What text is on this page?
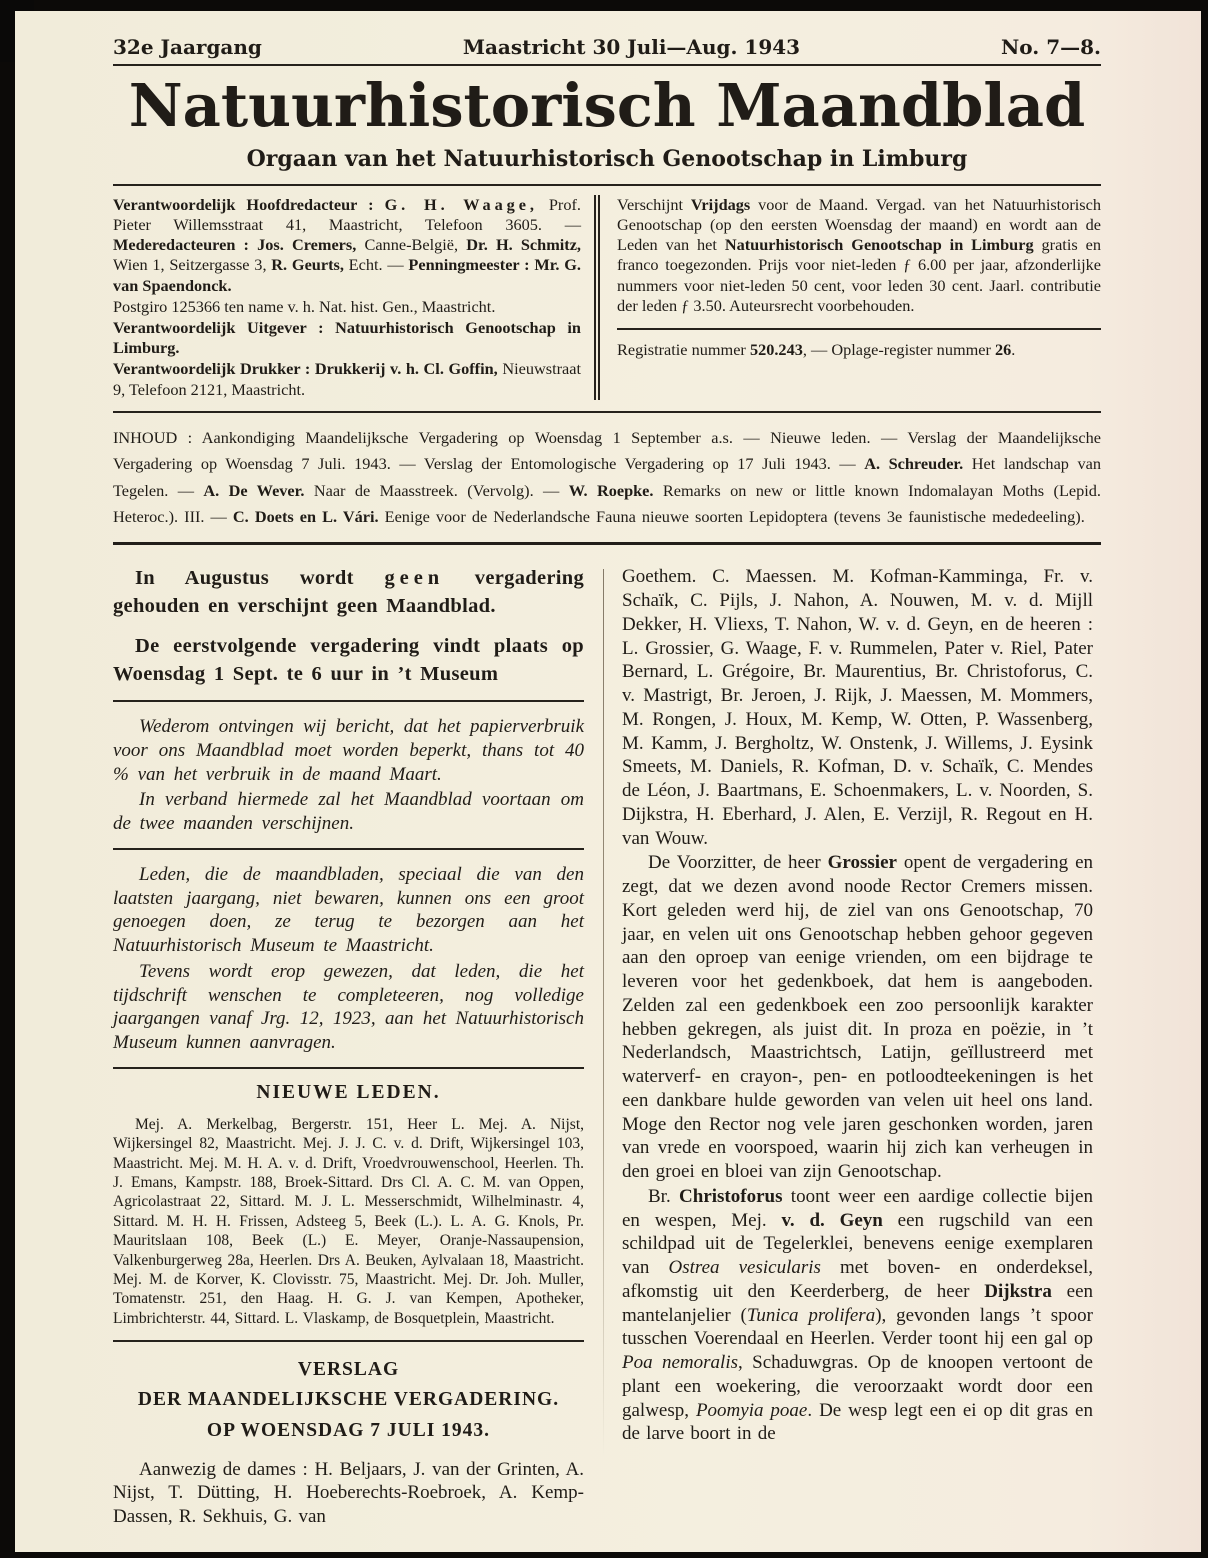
32e Jaargang	Maastricht 30 Juli—Aug. 1943	No. 7—8.
Natuurhistorisch Maandblad
Orgaan van het Natuurhistorisch Genootschap in Limburg

Verantwoordelijk Hoofdredacteur : G. H. Waage, Prof. Pieter Willemsstraat 41, Maastricht, Telefoon 3605. — Mederedacteuren : Jos. Cremers, Canne-België, Dr. H. Schmitz, Wien 1, Seitzergasse 3, R. Geurts, Echt. — Penningmeester : Mr. G. van Spaendonck.

Postgiro 125366 ten name v. h. Nat. hist. Gen., Maastricht.

Verantwoordelijk Uitgever : Natuurhistorisch Genootschap in Limburg.

Verantwoordelijk Drukker : Drukkerij v. h. Cl. Goffin, Nieuwstraat 9, Telefoon 2121, Maastricht.

Verschijnt Vrijdags voor de Maand. Vergad. van het Natuurhistorisch Genootschap (op den eersten Woensdag der maand) en wordt aan de Leden van het Natuurhistorisch Genootschap in Limburg gratis en franco toegezonden. Prijs voor niet-leden ƒ 6.00 per jaar, afzonderlijke nummers voor niet-leden 50 cent, voor leden 30 cent. Jaarl. contributie der leden ƒ 3.50. Auteursrecht voorbehouden.

Registratie nummer 520.243, — Oplage-register nummer 26.

INHOUD : Aankondiging Maandelijksche Vergadering op Woensdag 1 September a.s. — Nieuwe leden. — Verslag der Maandelijksche Vergadering op Woensdag 7 Juli. 1943. — Verslag der Entomologische Vergadering op 17 Juli 1943. — A. Schreuder. Het landschap van Tegelen. — A. De Wever. Naar de Maasstreek. (Vervolg). — W. Roepke. Remarks on new or little known Indomalayan Moths (Lepid. Heteroc.). III. — C. Doets en L. Vári. Eenige voor de Nederlandsche Fauna nieuwe soorten Lepidoptera (tevens 3e faunistische mededeeling).

In Augustus wordt geen vergadering gehouden en verschijnt geen Maandblad.

De eerstvolgende vergadering vindt plaats op Woensdag 1 Sept. te 6 uur in ’t Museum

Wederom ontvingen wij bericht, dat het papierverbruik voor ons Maandblad moet worden beperkt, thans tot 40 % van het verbruik in de maand Maart.

In verband hiermede zal het Maandblad voortaan om de twee maanden verschijnen.

Leden, die de maandbladen, speciaal die van den laatsten jaargang, niet bewaren, kunnen ons een groot genoegen doen, ze terug te bezorgen aan het Natuurhistorisch Museum te Maastricht.

Tevens wordt erop gewezen, dat leden, die het tijdschrift wenschen te completeeren, nog volledige jaargangen vanaf Jrg. 12, 1923, aan het Natuurhistorisch Museum kunnen aanvragen.

NIEUWE LEDEN.

Mej. A. Merkelbag, Bergerstr. 151, Heer L. Mej. A. Nijst, Wijkersingel 82, Maastricht. Mej. J. J. C. v. d. Drift, Wijkersingel 103, Maastricht. Mej. M. H. A. v. d. Drift, Vroedvrouwenschool, Heerlen. Th. J. Emans, Kampstr. 188, Broek-Sittard. Drs Cl. A. C. M. van Oppen, Agricolastraat 22, Sittard. M. J. L. Messerschmidt, Wilhelminastr. 4, Sittard. M. H. H. Frissen, Adsteeg 5, Beek (L.). L. A. G. Knols, Pr. Mauritslaan 108, Beek (L.) E. Meyer, Oranje-Nassaupension, Valkenburgerweg 28a, Heerlen. Drs A. Beuken, Aylvalaan 18, Maastricht. Mej. M. de Korver, K. Clovisstr. 75, Maastricht. Mej. Dr. Joh. Muller, Tomatenstr. 251, den Haag. H. G. J. van Kempen, Apotheker, Limbrichterstr. 44, Sittard. L. Vlaskamp, de Bosquetplein, Maastricht.

VERSLAG
DER MAANDELIJKSCHE VERGADERING.
OP WOENSDAG 7 JULI 1943.

Aanwezig de dames : H. Beljaars, J. van der Grinten, A. Nijst, T. Dütting, H. Hoeberechts-Roebroek, A. Kemp-Dassen, R. Sekhuis, G. van

Goethem. C. Maessen. M. Kofman-Kamminga, Fr. v. Schaïk, C. Pijls, J. Nahon, A. Nouwen, M. v. d. Mijll Dekker, H. Vliexs, T. Nahon, W. v. d. Geyn, en de heeren : L. Grossier, G. Waage, F. v. Rummelen, Pater v. Riel, Pater Bernard, L. Grégoire, Br. Maurentius, Br. Christoforus, C. v. Mastrigt, Br. Jeroen, J. Rijk, J. Maessen, M. Mommers, M. Rongen, J. Houx, M. Kemp, W. Otten, P. Wassenberg, M. Kamm, J. Bergholtz, W. Onstenk, J. Willems, J. Eysink Smeets, M. Daniels, R. Kofman, D. v. Schaïk, C. Mendes de Léon, J. Baartmans, E. Schoenmakers, L. v. Noorden, S. Dijkstra, H. Eberhard, J. Alen, E. Verzijl, R. Regout en H. van Wouw.

De Voorzitter, de heer Grossier opent de vergadering en zegt, dat we dezen avond noode Rector Cremers missen. Kort geleden werd hij, de ziel van ons Genootschap, 70 jaar, en velen uit ons Genootschap hebben gehoor gegeven aan den oproep van eenige vrienden, om een bijdrage te leveren voor het gedenkboek, dat hem is aangeboden. Zelden zal een gedenkboek een zoo persoonlijk karakter hebben gekregen, als juist dit. In proza en poëzie, in ’t Nederlandsch, Maastrichtsch, Latijn, geïllustreerd met waterverf- en crayon-, pen- en potloodteekeningen is het een dankbare hulde geworden van velen uit heel ons land. Moge den Rector nog vele jaren geschonken worden, jaren van vrede en voorspoed, waarin hij zich kan verheugen in den groei en bloei van zijn Genootschap.

Br. Christoforus toont weer een aardige collectie bijen en wespen, Mej. v. d. Geyn een rugschild van een schildpad uit de Tegelerklei, benevens eenige exemplaren van Ostrea vesicularis met boven- en onderdeksel, afkomstig uit den Keerderberg, de heer Dijkstra een mantelanjelier (Tunica prolifera), gevonden langs ’t spoor tusschen Voerendaal en Heerlen. Verder toont hij een gal op Poa nemoralis, Schaduwgras. Op de knoopen vertoont de plant een woekering, die veroorzaakt wordt door een galwesp, Poomyia poae. De wesp legt een ei op dit gras en de larve boort in de
